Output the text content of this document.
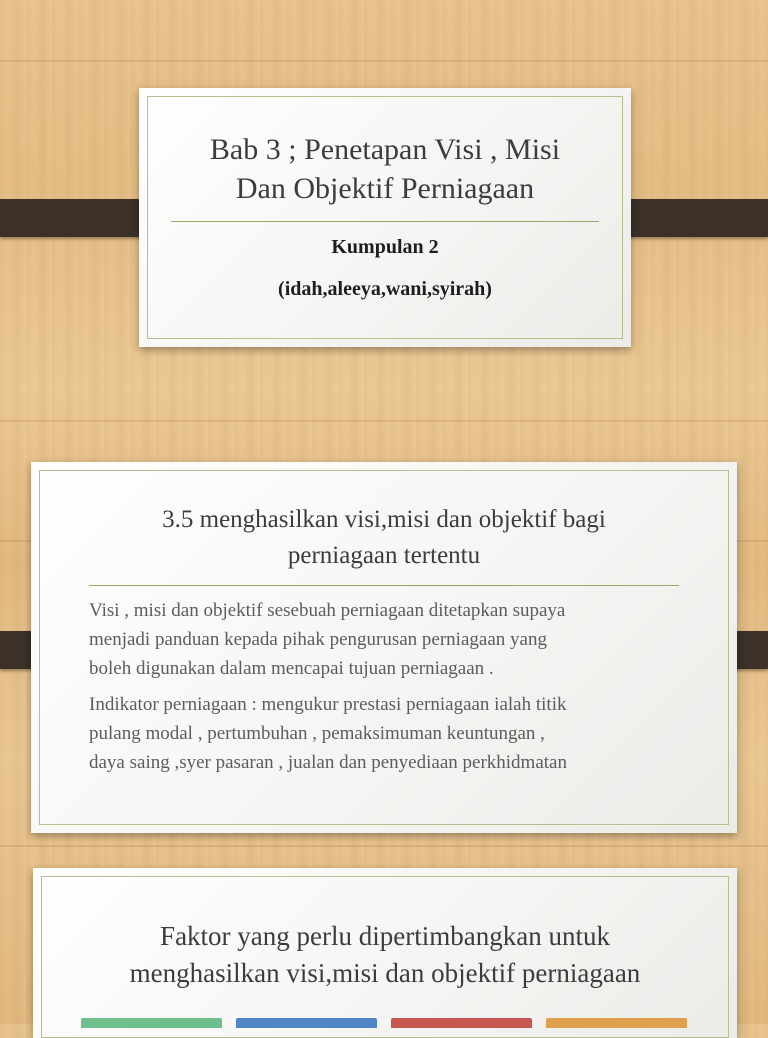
Bab 3 ; Penetapan Visi , Misi
Dan Objektif Perniagaan
Kumpulan 2
(idah,aleeya,wani,syirah)
3.5 menghasilkan visi,misi dan objektif bagi
perniagaan tertentu

Visi , misi dan objektif sesebuah perniagaan ditetapkan supaya
menjadi panduan kepada pihak pengurusan perniagaan yang
boleh digunakan dalam mencapai tujuan perniagaan .

Indikator perniagaan : mengukur prestasi perniagaan ialah titik
pulang modal , pertumbuhan , pemaksimuman keuntungan ,
daya saing ,syer pasaran , jualan dan penyediaan perkhidmatan

Faktor yang perlu dipertimbangkan untuk
menghasilkan visi,misi dan objektif perniagaan
